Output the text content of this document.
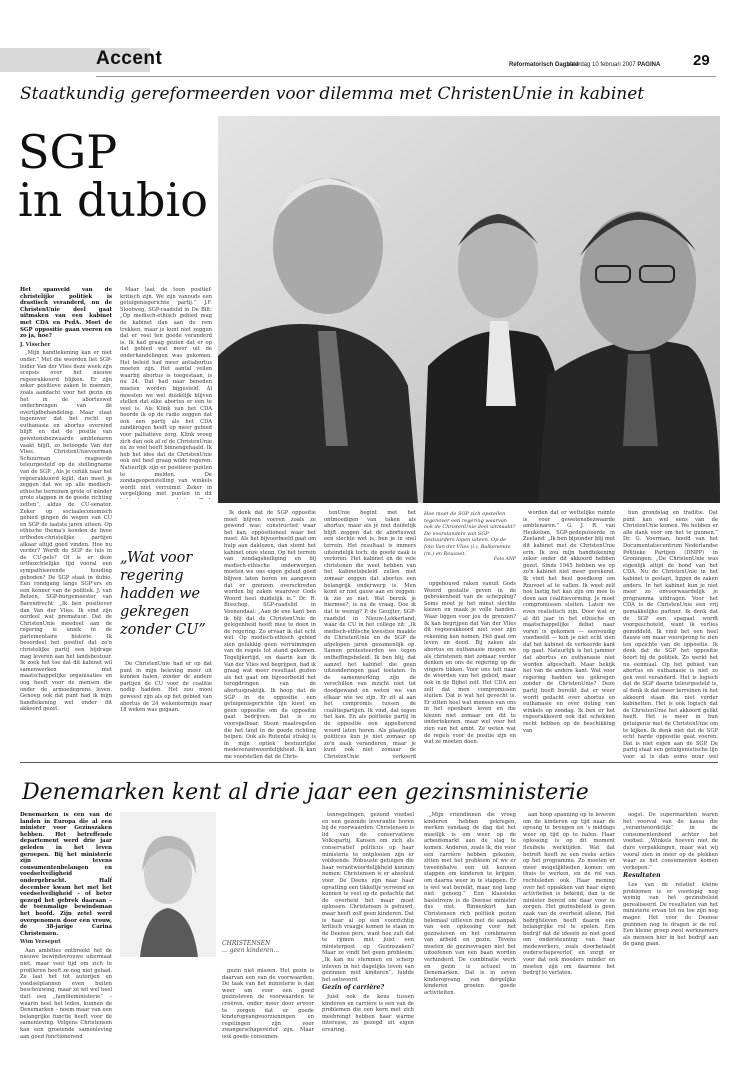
Accent	Reformatorisch Dagblad
zaterdag 10 februari 2007 PAGINA 29
Staatkundig gereformeerden voor dilemma met ChristenUnie in kabinet
SGP
in dubio

Het spanveld van de christelijke politiek is drastisch veranderd, nu de ChristenUnie deel gaat uitmaken van een kabinet met CDA en PvdA. Moet de SGP oppositie gaan voeren en zo ja, hoe?

J. Visscher

„Mijn handtekening kan er niet onder.” Met die woorden liet SGP-leider Van der Vlies deze week zijn scepsis over het nieuwe regeerakkoord blijken. Er zijn zeker positieve zaken te noemen, zoals aandacht voor het gezin en het in de abortuswet onderbrengen van de overtijdbehandeling. Maar staat tegenover dat het recht op euthanasie en abortus overeind blijft en dat de positie van gewetensbezwaarde ambtenaren vaakt blijft, zo betoogde Van der Vlies. ChristenUnievoorman Schuurman reageerde teleurgesteld op de stellingname van de SGP. „Als je ceñiik naar het regeerakkoord kijkt, dan moet je zeggen dat we op alle medisch-ethische terreinen grote of minder grote stappen in de goede richting zetten”, aldus de CU-senator. Zeker op sociaaleconomisch gebied gingen de wegen van CU en SGP de laatste jaren uiteen. Op ethische thema's konden de twee orthodox-christelijke partijen alkaar altijd goed vinden. Hoe nu verder? Wordt de SGP de luis in de CU-pels? Of is er deze orthoxchtelijke tijd vooral een sympathiserende houding geboden? De SGP staat in dubio. Een rondgang langs SGP'ers en een kenner van de politiek. J. van Belzen, SGP-burgemeester van Barendrecht: „Ik ben positiever dan Van der Vlies. Ik vind zijn oordeel wat prematuur. Dat de ChristenUnie meedoet aan de regering is uniek in de parlementaire historie. Ik beoordeel het positief dat zo'n christelijke partij een bijdrage mag leveren aan het landsbestuur. Ik zoek het toe dat dit kabinet wil samenwerken met maatschappelijke organisaties en oog heeft voor de mensen die onder de armoedegrens leven. Genoeg ook dat punt had ik mijn handtekening wel onder dit akkoord gezet.

Maar laat de toon positief-kritisch zijn. We zijn vanouds een getuigenisgerichte partij.” J.F. Slootweg, SGP-raadslid in De Bilt: „Op medisch-ethisch gebied mag de kabinet dan aan de rem trekken, maar je kunt niet zeggen dat er veel ten goede veranderd is. Ik had graag gezien dat er op dat gebied wat meer uit de onderhandelingen was gekomen. Het beleid had meer antiabortus moeten zijn. Het aantal veilen waarbij abortus is toegestaan, is nu 24. Dat had naar beneden moeten worden bijgesteld. Al moesten we wel duidelijk blijven stellen dat elke abortus er een te veel is. Als Klink van het CDA hoorde ik op de radio zeggen dat ook een partij als het CDA zandkrogen heeft op meer gebied voor palliatieve zorg. Klink vroeg zich dan ook af of de ChristenUnie nu zo veel heeft binnengehaald. Ik heb het idee dat de ChristenUnie ook wel heel graag wilde regeren. Natuurlijk zijn er positieve punten te melden. De zondagsopenstelling van winkels wordt niet verruimd. Zeker in vergelijking met punten in dit

„Wat voor regering hadden we gekregen zonder CU”

De ChristenUnie had er op dat punt in mijn beleving meer uit kunnen halen, zonder de andere partijen de CU voor de coalitie nodig hadden. Het zou mooi geweest zijn als op het gebied van abortus de 24 wekentermijn naar 18 weken was gegaan.

Ik denk dat de SGP oppositie moet blijven voeren zoals ze gewend was: constructief waar het kan, oppositioneel waar het moet. Als het bijvoorbeeld gaat om hulp aan daklozen, dan stemt het kabinet onze steun. Op het terrein van zondagsheiliging en bij medisch-ethische onderwerpen moeten we ons eigen geluid goed blijven laten horen en aangeven dat er grenzen overschreden worden bij zaken waarover Gods Woord heel duidelijk is.” Dr. R. Bisschop, SGP-raadslid in Veenendaal: „Aan de ene kant ben ik blij dat de ChristenUnie de gelegenheid heeft mee te doen in de regering. Zo ervaar ik dat echt wel. Op medisch-ethisch gebied zien gelukkig geen verruimingen van de regels tot stand gekomen. Tegelijkertijd, en daarin kan ik Van der Vlies wel begrijpen, had ik graag wat meer resultaat gezien als het gaat om bijvoorbeeld het terugdringen van de abortuspraktijk. Ik hoop dat de SGP in de oppositie een getuigenisgerichte lijn kiest en geen oppositie om de oppositie gaat bedrijven. Dat is zo voorspelbaar. Steun maatregelen die het land in de goede richting helpen. Ook als Rutenfal strakij is in mijn optiek bestuurlijke medeverantwoordelijkheid. Ik kan me voorstellen dat de Chris-

tenUnie begint met het ontmoedigen van taken als abortus, maar als je niet duidelijk blijft zeggen dat de abortuswet een slechte wet is, ben je in snel terrein. Het resultaat is immers uiteindelijk toch: de goede zaak is verloren. Het kabinet en de vele christenen die weet hebben van het kabinetsbeleid zullen niet zomaar zeggen dat abortus een belangrijk onderwerp is. Men komt er niet gauw aan en zeggen: ik zie ze niet. Wat bereik je hiermee?, is nu de vraag. Doe ik dat te weinig? P. de Geuijter, SGP-raadslid in Nieuw-Lekkerland, waar de CU in het college zit: „Ik medisch-ethische kwesties maakte de ChristenUnie en de SGP de afgelopen jaren gezamenlijk op. Samen protesteerden we tegen ontheffingsbeleid. Ik ben blij, dat aanzet het kabinet die geen uitzonderingen gaat toelaten. In de samenwerking zijn de verschillen van inzicht niet tot doodgewand en weten we van elkaar wie we zijn. Er zit al aan het compromis tussen de coalitiepartijen. Ik vind, dat tegen het kan. En als politieke partij in de oppositie een appellerend woord laten horen. Als plaatselijk politicus kun je niet zomaar op zo'n zaak veranderen, maar je kunt ook niet zomaar de ChristenUnie verkeerd

Hoe moet de SGP zich opstellen tegenover een regering waarvan ook de ChristenUnie deel uitmaakt? De voorstanders van SGP-bestuurders lopen uiteen. Op de foto Van der Vlies (l.), Balkenende (m.) en Rouvoet.
Foto ANP

opgebouwd raken vanuit Gods Woord gestalte geven in de gebrokenheid van de schepping? Soms moet je het minst slechte kiezen en maak je volle handen. Waar liggen voor jou de grenzen? Ik kan begrijpen dat Van der Vlies dit regeerakkoord niet voor zijn rekening kan nemen. Het gaat om leven en dood. Bij zaken als abortus en euthanasie mogen we als christenen niet zomaar verder denken en ons de regering op de vingers tikken. Voor ons telt naar de woorden van het gebod, maar ook in de Bijbel zelf. Het CDA zei zelf dat men compromissen sluiten. Dat is wat het gevecht is. Er zitten heel wat mensen van ons in het openbare leven en die kiezen niet zomaar om dit te ondertekenen, maar wel voor het zien van het ambt. Ze weten wat de regels voor de positie zijn en wat ze moeten doen.

worden dat er wettelijke ruimte is voor gewetensbezwaarde ambtenaren.” G. J. R. van Heukelom, SGP-gedeputeerde in Zeeland: „Ik ben bijzonder blij met dit kabinet met de ChristenUnie erin. Ik zou mijn handtekening zeker onder dit akkoord hebben gezet. Sinds 1945 hebben we op zo'n kabinet niet meer gerekend. Ik vind het heel goedkoop om Rouvoet af te vallen. Ik weet zelf hoe lastig het kan zijn om mee te doen aan coalitievorming. Je moet compromissen sluiten. Laten we even realistisch zijn. Door wat er al dit jaar in het ethische en maatschappelijke debat naar voren is gekomen — eenvoudig voorbeeld — kun je niet echt zien dat het kabinet de verkeerde kant op gaat. Natuurlijk is het jammer dat abortus en euthanasie niet worden afgeschaft. Maar bekijk het van de andere kant. Wat voor regering hadden we gekregen zonder de ChristenUnie? Deze partij heeft bereikt dat er weer wordt gedacht over abortus en euthanasie en over doting van winkels op zondag. Ik ben er het regeerakkoord ook dat schokken recht hebben op de beschikking van

hun grondslag en traditie. Dat punt kan wel eens van de ChristenUnie komen. We hebben er alle dank voor om het te gunnen.” Dr. G. Voerman, hoofd van het Documentatiecentrum Nederlandse Politieke Partijen (DNPP) in Groningen: „De ChristenUnie was eigenlijk altijd de bond van het CDA. Nu de ChristenUnie in het kabinet is gestapt, liggen de zaken anders. In het kabinet kun je niet meer zo onvoorwaardelijk je programma uitdragen. Voor het CDA is de ChristenUnie een vrij gemakkelijke partner. Ik denk dat de SGP een spagaat wordt voorgeschoteld, want ik verlies gemiddeld. Ik vind het een heel flauwe om maar voorsprong te zien ten opzichte van de oppositie. Ik denk dat de SGP het oppositie hoort bij de politiek. Zo werkt het nu eenmaal. Op het gebied van abortus en euthanasie is niet zo gek veel veranderd. Het is logisch dat de SGP daarin teleurgesteld is, al denk ik dat meer terreinen in het akkoord staan die niet verder kabinetten. Het is ook logisch dat de ChristenUnie het akkoord gelikt heeft. Het is meer in hun getuigenis met de ChristenUnie om te kijken. Ik denk niet dat de SGP echt harde oppositie gaat voeren. Dat is niet eigen aan de SGP. De partij staat een getuigenistische lijn voor, al is dan soms puur wel

Denemarken kent al drie jaar een gezinsministerie

Denemarken is een van de landen in Europa die al een minister voor Gezinszaken hebben. Het betreffende departement werd drie jaar geleden in het leven geroepen. Bij het ministerie zijn tevens consumentenbelangen en voedselveiligheid ondergebracht. Half december kwam het met het voedselveiligheid – of beter gezegd het gebrek daaraan – de toenmalige bewindsman het hoofd. Zijn zetel werd overgenomen door een vrouw, de 38-jarige Carina Christensen.

Wim Verseput

Aan ambities ontbreekt het de nieuwe bewindsvrouwe uitermaat niet, maar veel tijd om zich te profileren heeft ze nog niet gehad. Ze laat het tot autorijen en voedselplannen even buiten beschouwing, maar ze wil wel heel duit een „familieministerie” – waarin heel het leden, kunnen de Denemarken – noem maar van een belangrijke functie heeft voor de samenleving. Volgens Christensen kan een groeiende samenleving aan goed functionerend

CHRISTENSEN
... geen kinderen...

gezin niet missen. Het gezin is daarvan een van de voorwaarden. De taak van het ministerie is dan weer om voor een goed gezinsleven de voorwaarden te creëren, onder meer door ervoor te zorgen dat er goede kinderopvangvoorzieningen en regelingen zijn voor zwangerschapsverlof zijn. Maar ook goede consumen-

tenregelingen, gezond voedsel en een gezonde leverantie horen bij de voorwaarden. Christensen is lid van de conservatieve Volkspartij. Kansen om zich als conservatief politicus op haar ministerie te ontplooien zijn er voldoende. Robuuste getuigen die haar verantwoordelijkheid kunnen nemen: Christensen is er absoluut voor. De Deens zijn naar haar opvatting een tikkeltje verwend en kunnen te veel op de gedachte dat de overheid het maar moet oplossen. Christensen is gehuwd, maar heeft zelf geen kinderen. Dat is haar al op een voorzichtig kritisch vraagje komen te staan in de Deense pers, want hoe zult dat te rijmen met juist een ministerpost op Gezinszaken? Maar ze vindt het geen probleem. „Ik kan nu stemmen en scherp inleven in het dagelijks leven van gezinnen met kinderen”, luidde het antwoord.

Gezin of carrière?

Juist ook de keus tussen kinderen en carrière is een van de problemen die een kern met zich meebrengt hebben haar warme interesse, zo gezegd uit eigen ervaring.

„Mijn vriendinnen die vroeg kinderen hebben gekregen, merken vandaag de dag dat het moeilijk is om weer op de arbeidsmarkt aan de slag te komen. Anderen, zoals ik, die voor een carrière hebben gekozen, zitten met het probleem of we er tweeënhalve een uit kunnen stappen om kinderen te krijgen, om daarna weer in te stappen. Er is wel wat bereikt, maar nog lang niet genoeg.” Een klassieke basistrouw is de Deense minister dus niet. Binnenkort kan Christensen rich politiek gezien helemaal uitleven met de aanpak van een oplossing voor het gezinsleven en het combineren van arbeid en gezin. Tevens moeten de gezinsvragen niet het uitoefenen van een baan worden verhinderd. De combinatie werk en gezin is actueel in Denemarken. Dat is in zeven kinderopvang van dergelijke kinderen groeien goede activiteiten.

aan hoop spanning op te leveren om de kinderen op tijd naar de opvang te brengen en 's middags weer op tijd op te halen. Haar oplossing is op dit moment flexibele werktijden. Wat dat betreft heeft ze een reeks acties op het programma. Zo moeten er meer mogelijkheden komen om thuis te werken, en de rol van rechtsleden ook. Haar mening over het oppakken van haar eigen activiteiten is bekend, dan is de minister bereid om daar voor te zorgen. Het gezinsbeleid is geen zaak van de overheid alleen. Het bedrijfsleven heeft daarin een belangrijke rol te spelen. Een bedrijf dat de ideeën zo niet goed om ondersteuning van haar medewerkers, zoals doorbetaald ouderschapsverlof, en zorgt er voor dat ook moeders minder en moeten zijn om daarmee het bedrijf te verlaten.

oogst. De supermarkten waren het voorval van de kassa die „verantwoordelijk” in de consumentenbond achter het voedsel. „Winkels hoeven niet de dure verpakkingen, maar wat wij vooral zien in meer op de plekken waar ze het consumenten komen verkopen.”

Resultaten

Los van de relatief kleine problemen is er voorlopig nog weinig van het gezinsbeleid gerealiseerd. De resultaten van het ministerie ervan tot nu toe zijn nog mager. Het voor de Deense gezinnen nog te dragen is de rol. Een kleine groep zwol werknemers als mensen hier in het bedrijf aan de gang gaan.
